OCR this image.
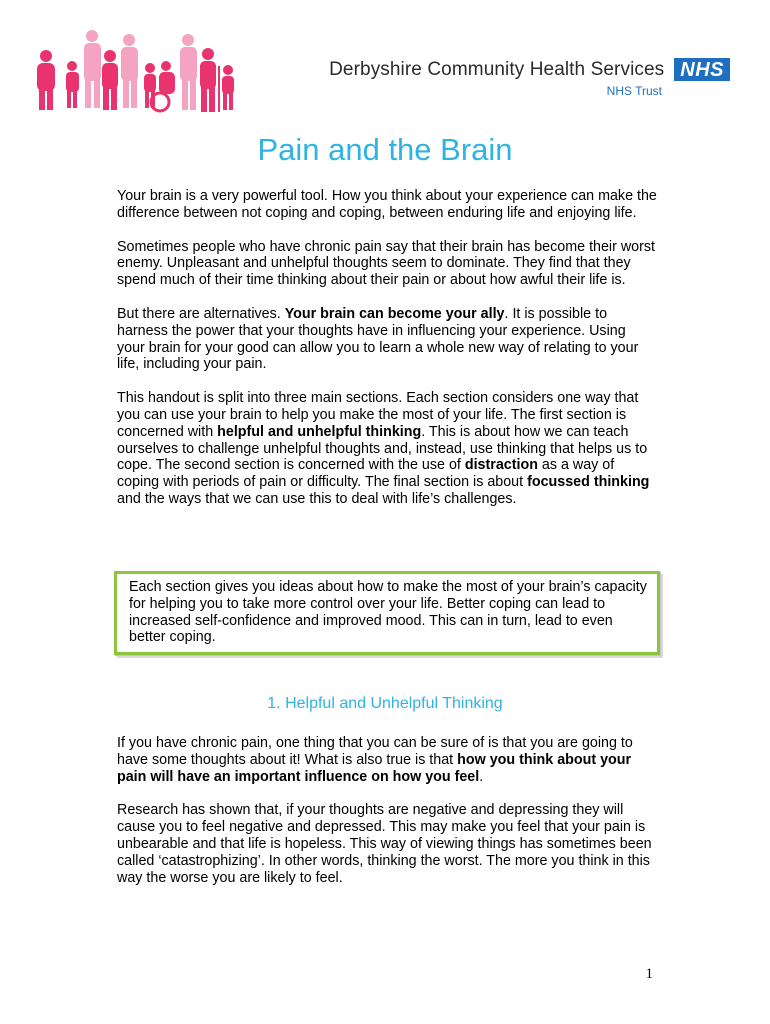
Derbyshire Community Health Services NHS
NHS Trust
Pain and the Brain

Your brain is a very powerful tool. How you think about your experience can make the difference between not coping and coping, between enduring life and enjoying life.

Sometimes people who have chronic pain say that their brain has become their worst enemy. Unpleasant and unhelpful thoughts seem to dominate. They find that they spend much of their time thinking about their pain or about how awful their life is.

But there are alternatives. Your brain can become your ally. It is possible to harness the power that your thoughts have in influencing your experience. Using your brain for your good can allow you to learn a whole new way of relating to your life, including your pain.

This handout is split into three main sections. Each section considers one way that you can use your brain to help you make the most of your life. The first section is concerned with helpful and unhelpful thinking. This is about how we can teach ourselves to challenge unhelpful thoughts and, instead, use thinking that helps us to cope. The second section is concerned with the use of distraction as a way of coping with periods of pain or difficulty. The final section is about focussed thinking and the ways that we can use this to deal with life’s challenges.

Each section gives you ideas about how to make the most of your brain’s capacity for helping you to take more control over your life. Better coping can lead to increased self-confidence and improved mood. This can in turn, lead to even better coping.

1. Helpful and Unhelpful Thinking

If you have chronic pain, one thing that you can be sure of is that you are going to have some thoughts about it! What is also true is that how you think about your pain will have an important influence on how you feel.

Research has shown that, if your thoughts are negative and depressing they will cause you to feel negative and depressed. This may make you feel that your pain is unbearable and that life is hopeless. This way of viewing things has sometimes been called ‘catastrophizing’. In other words, thinking the worst. The more you think in this way the worse you are likely to feel.

1
